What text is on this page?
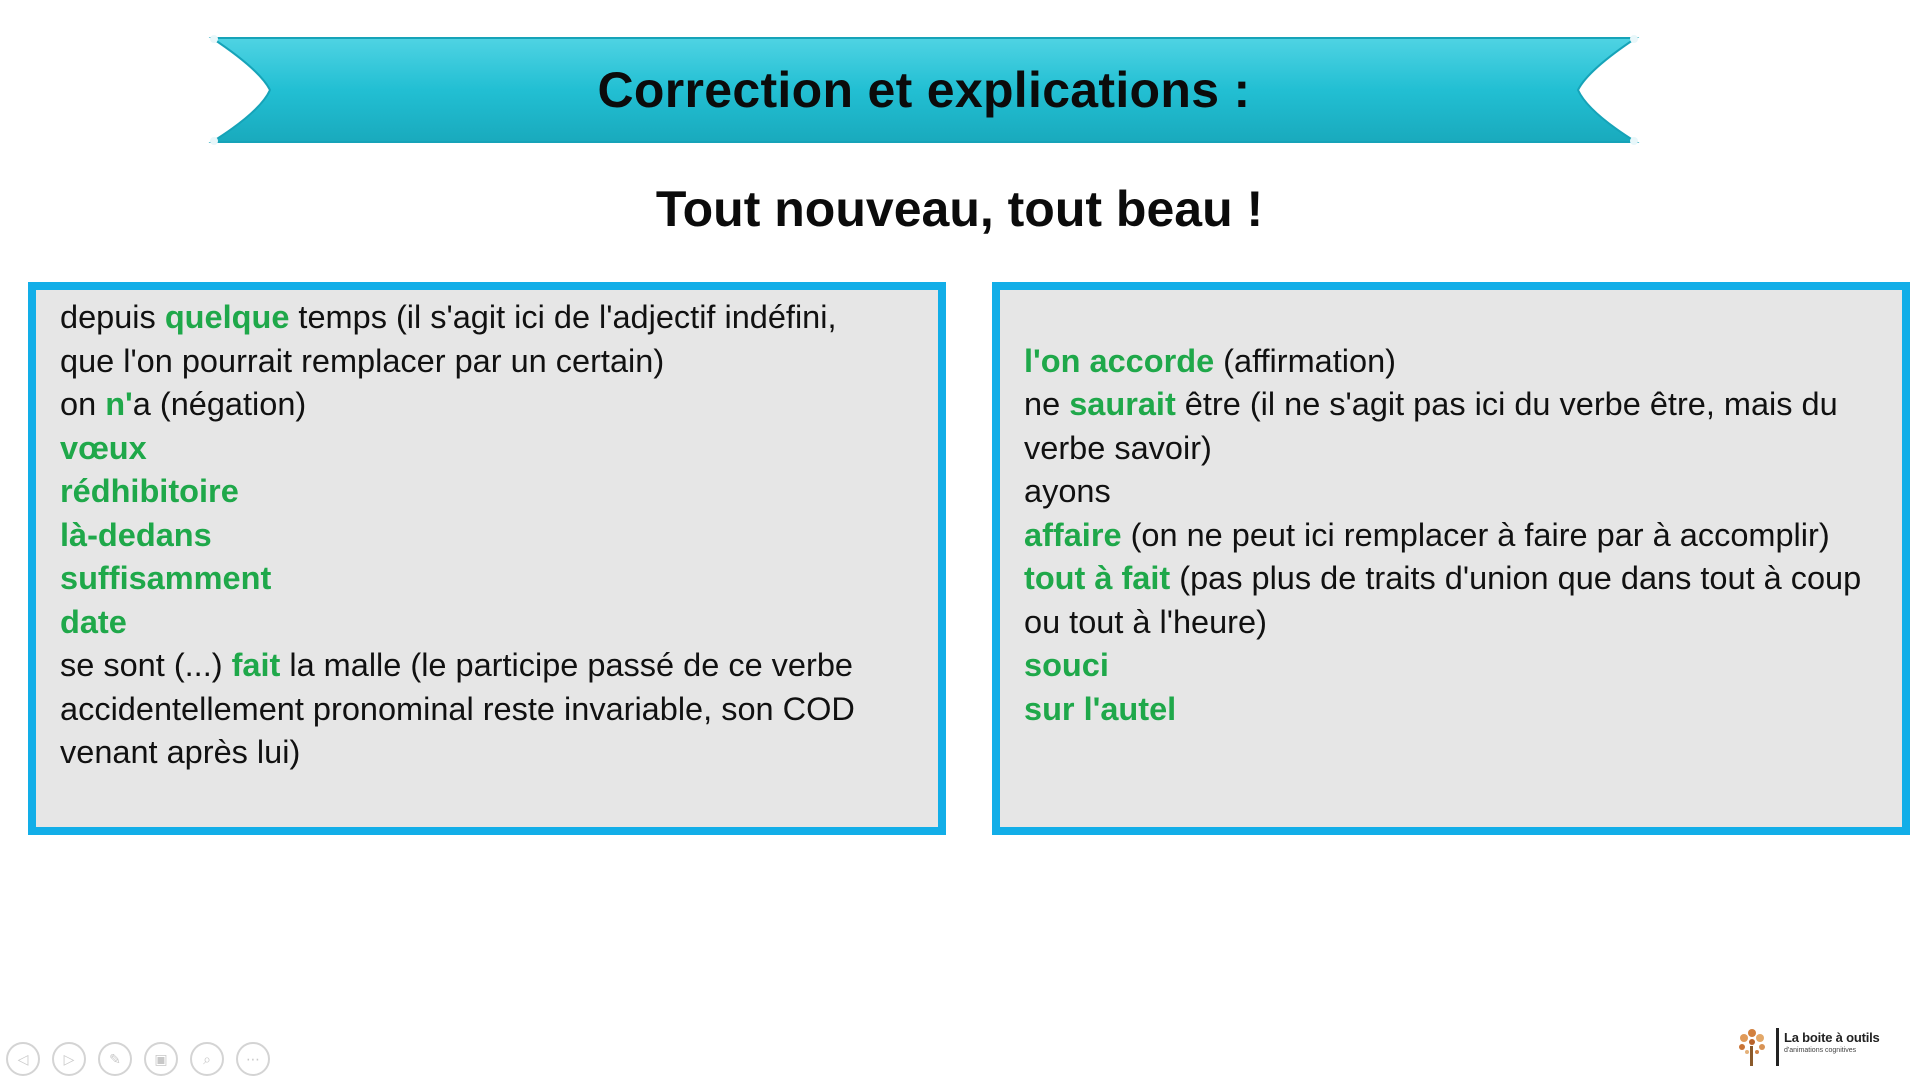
Correction et explications :
Tout nouveau, tout beau !
depuis quelque temps (il s'agit ici de l'adjectif indéfini,
que l'on pourrait remplacer par un certain)
on n'a (négation)
vœux
rédhibitoire
là-dedans
suffisamment
date
se sont (...) fait la malle (le participe passé de ce verbe
accidentellement pronominal reste invariable, son COD
venant après lui)
l'on accorde (affirmation)
ne saurait être (il ne s'agit pas ici du verbe être, mais du
verbe savoir)
ayons
affaire (on ne peut ici remplacer à faire par à accomplir)
tout à fait (pas plus de traits d'union que dans tout à coup
ou tout à l'heure)
souci
sur l'autel
◁	▷ ✎ ▣	⌕	⋯
La boite à outils
d'animations cognitives
